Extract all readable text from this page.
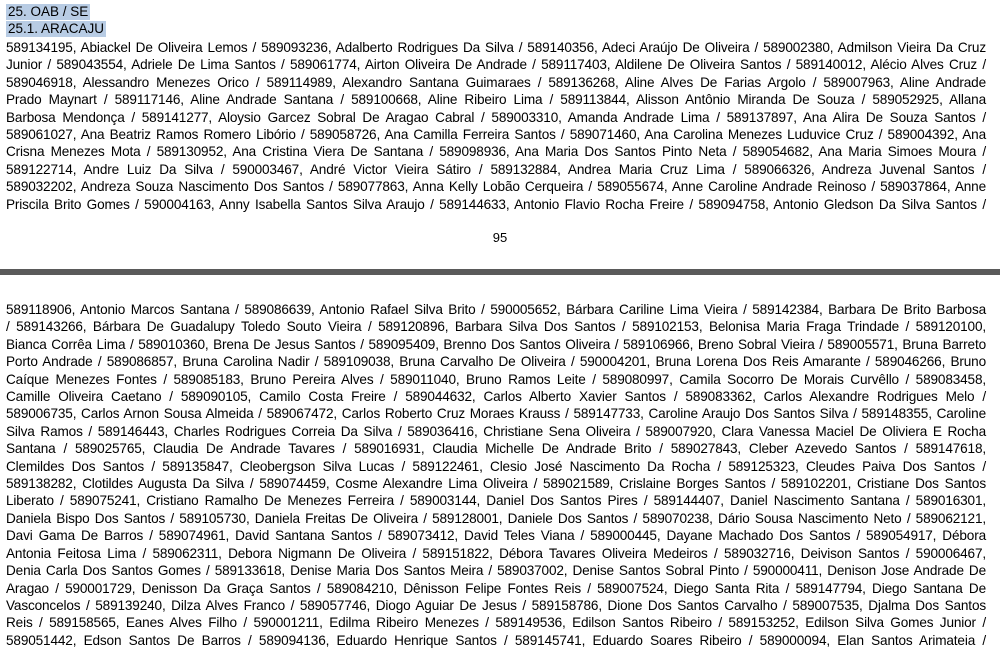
25. OAB / SE
25.1. ARACAJU
589134195, Abiackel De Oliveira Lemos / 589093236, Adalberto Rodrigues Da Silva / 589140356, Adeci Araújo De Oliveira / 589002380, Admilson Vieira Da Cruz
Junior / 589043554, Adriele De Lima Santos / 589061774, Airton Oliveira De Andrade / 589117403, Aldilene De Oliveira Santos / 589140012, Alécio Alves Cruz /
589046918, Alessandro Menezes Orico / 589114989, Alexandro Santana Guimaraes / 589136268, Aline Alves De Farias Argolo / 589007963, Aline Andrade
Prado Maynart / 589117146, Aline Andrade Santana / 589100668, Aline Ribeiro Lima / 589113844, Alisson Antônio Miranda De Souza / 589052925, Allana
Barbosa Mendonça / 589141277, Aloysio Garcez Sobral De Aragao Cabral / 589003310, Amanda Andrade Lima / 589137897, Ana Alira De Souza Santos /
589061027, Ana Beatriz Ramos Romero Libório / 589058726, Ana Camilla Ferreira Santos / 589071460, Ana Carolina Menezes Luduvice Cruz / 589004392, Ana
Crisna Menezes Mota / 589130952, Ana Cristina Viera De Santana / 589098936, Ana Maria Dos Santos Pinto Neta / 589054682, Ana Maria Simoes Moura /
589122714, Andre Luiz Da Silva / 590003467, André Victor Vieira Sátiro / 589132884, Andrea Maria Cruz Lima / 589066326, Andreza Juvenal Santos /
589032202, Andreza Souza Nascimento Dos Santos / 589077863, Anna Kelly Lobão Cerqueira / 589055674, Anne Caroline Andrade Reinoso / 589037864, Anne
Priscila Brito Gomes / 590004163, Anny Isabella Santos Silva Araujo / 589144633, Antonio Flavio Rocha Freire / 589094758, Antonio Gledson Da Silva Santos /
95
589118906, Antonio Marcos Santana / 589086639, Antonio Rafael Silva Brito / 590005652, Bárbara Cariline Lima Vieira / 589142384, Barbara De Brito Barbosa
/ 589143266, Bárbara De Guadalupy Toledo Souto Vieira / 589120896, Barbara Silva Dos Santos / 589102153, Belonisa Maria Fraga Trindade / 589120100,
Bianca Corrêa Lima / 589010360, Brena De Jesus Santos / 589095409, Brenno Dos Santos Oliveira / 589106966, Breno Sobral Vieira / 589005571, Bruna Barreto
Porto Andrade / 589086857, Bruna Carolina Nadir / 589109038, Bruna Carvalho De Oliveira / 590004201, Bruna Lorena Dos Reis Amarante / 589046266, Bruno
Caíque Menezes Fontes / 589085183, Bruno Pereira Alves / 589011040, Bruno Ramos Leite / 589080997, Camila Socorro De Morais Curvêllo / 589083458,
Camille Oliveira Caetano / 589090105, Camilo Costa Freire / 589044632, Carlos Alberto Xavier Santos / 589083362, Carlos Alexandre Rodrigues Melo /
589006735, Carlos Arnon Sousa Almeida / 589067472, Carlos Roberto Cruz Moraes Krauss / 589147733, Caroline Araujo Dos Santos Silva / 589148355, Caroline
Silva Ramos / 589146443, Charles Rodrigues Correia Da Silva / 589036416, Christiane Sena Oliveira / 589007920, Clara Vanessa Maciel De Oliviera E Rocha
Santana / 589025765, Claudia De Andrade Tavares / 589016931, Claudia Michelle De Andrade Brito / 589027843, Cleber Azevedo Santos / 589147618,
Clemildes Dos Santos / 589135847, Cleobergson Silva Lucas / 589122461, Clesio José Nascimento Da Rocha / 589125323, Cleudes Paiva Dos Santos /
589138282, Clotildes Augusta Da Silva / 589074459, Cosme Alexandre Lima Oliveira / 589021589, Crislaine Borges Santos / 589102201, Cristiane Dos Santos
Liberato / 589075241, Cristiano Ramalho De Menezes Ferreira / 589003144, Daniel Dos Santos Pires / 589144407, Daniel Nascimento Santana / 589016301,
Daniela Bispo Dos Santos / 589105730, Daniela Freitas De Oliveira / 589128001, Daniele Dos Santos / 589070238, Dário Sousa Nascimento Neto / 589062121,
Davi Gama De Barros / 589074961, David Santana Santos / 589073412, David Teles Viana / 589000445, Dayane Machado Dos Santos / 589054917, Débora
Antonia Feitosa Lima / 589062311, Debora Nigmann De Oliveira / 589151822, Débora Tavares Oliveira Medeiros / 589032716, Deivison Santos / 590006467,
Denia Carla Dos Santos Gomes / 589133618, Denise Maria Dos Santos Meira / 589037002, Denise Santos Sobral Pinto / 590000411, Denison Jose Andrade De
Aragao / 590001729, Denisson Da Graça Santos / 589084210, Dênisson Felipe Fontes Reis / 589007524, Diego Santa Rita / 589147794, Diego Santana De
Vasconcelos / 589139240, Dilza Alves Franco / 589057746, Diogo Aguiar De Jesus / 589158786, Dione Dos Santos Carvalho / 589007535, Djalma Dos Santos
Reis / 589158565, Eanes Alves Filho / 590001211, Edilma Ribeiro Menezes / 589149536, Edilson Santos Ribeiro / 589153252, Edilson Silva Gomes Junior /
589051442, Edson Santos De Barros / 589094136, Eduardo Henrique Santos / 589145741, Eduardo Soares Ribeiro / 589000094, Elan Santos Arimateia /
